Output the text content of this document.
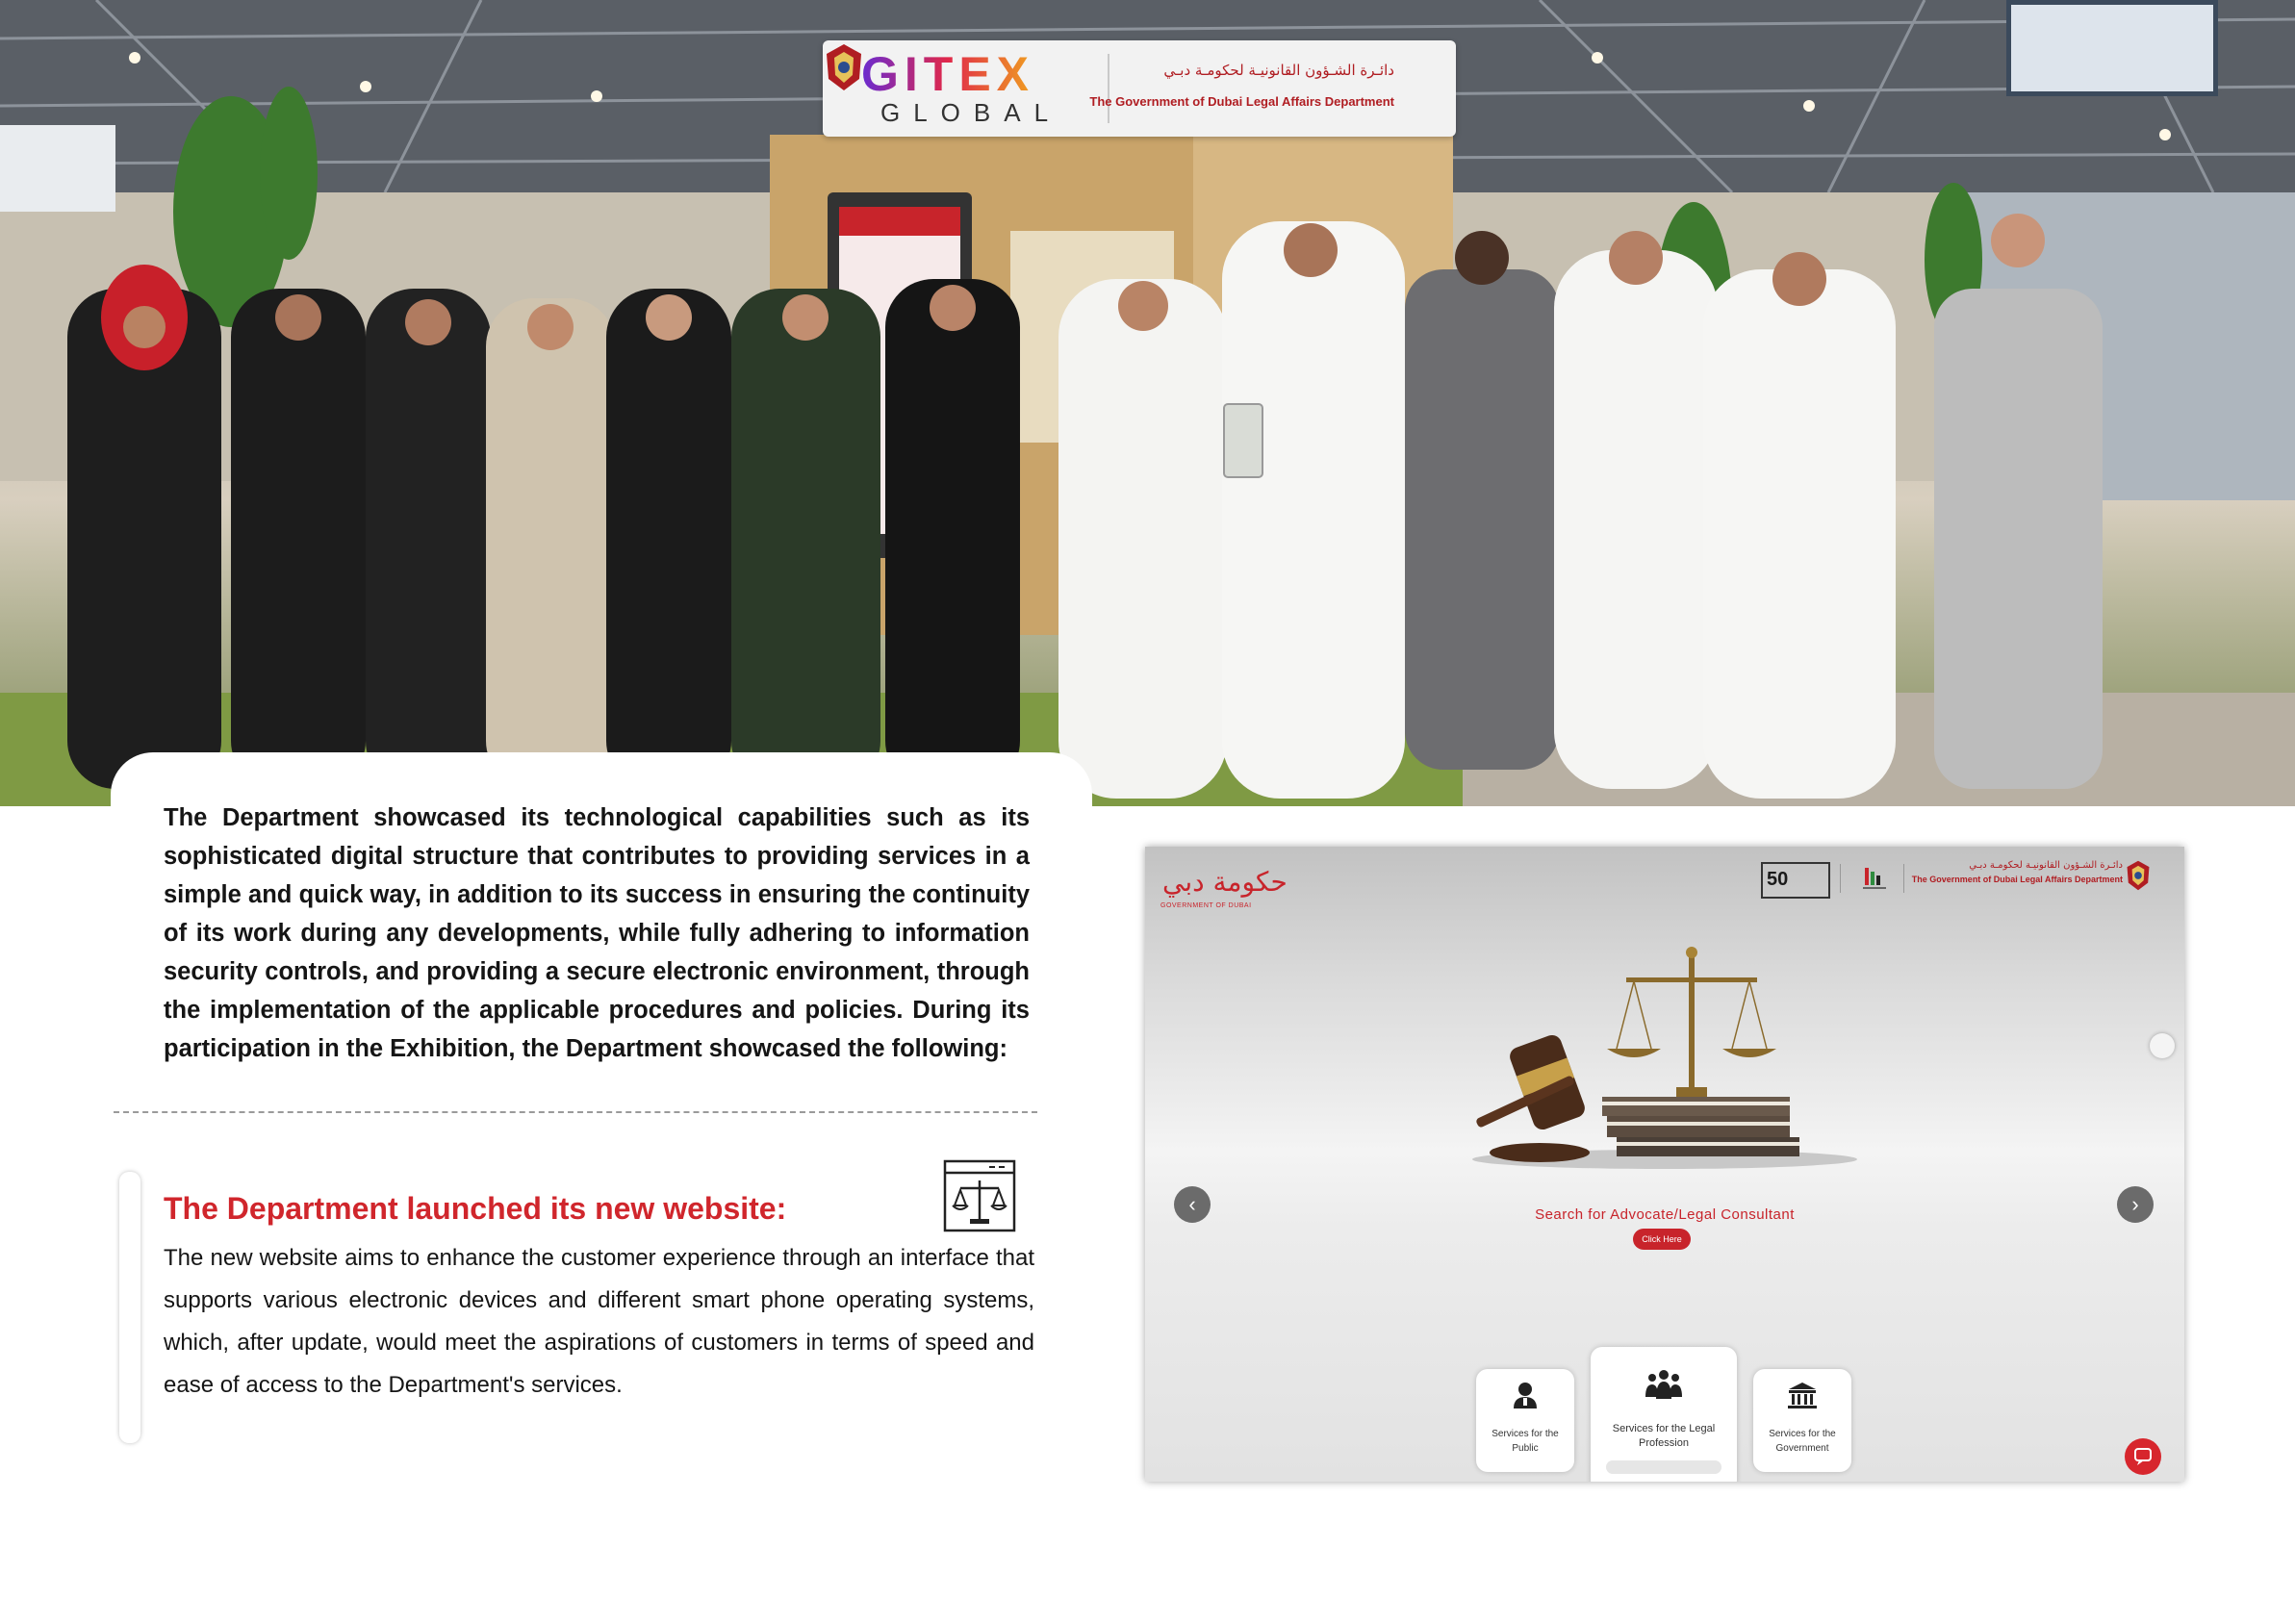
GITEX
GLOBAL
دائـرة الشـؤون القانونيـة لحكومـة دبـي
The Government of Dubai Legal Affairs Department

The Department showcased its technological capabilities such as its sophisticated digital structure that contributes to providing services in a simple and quick way, in addition to its success in ensuring the continuity of its work during any developments, while fully adhering to information security controls, and providing a secure electronic environment, through the implementation of the applicable procedures and policies. During its participation in the Exhibition, the Department showcased the following:

The Department launched its new website:

The new website aims to enhance the customer experience through an interface that supports various electronic devices and different smart phone operating systems, which, after update, would meet the aspirations of customers in terms of speed and ease of access to the Department's services.

حكومة دبي
GOVERNMENT OF DUBAI
50
دائـرة الشـؤون القانونيـة لحكومـة دبـي
The Government of Dubai Legal Affairs Department
‹	›
Search for Advocate/Legal Consultant
Click Here
Services for the
Public
Services for the Legal
Profession
Services for the
Government
